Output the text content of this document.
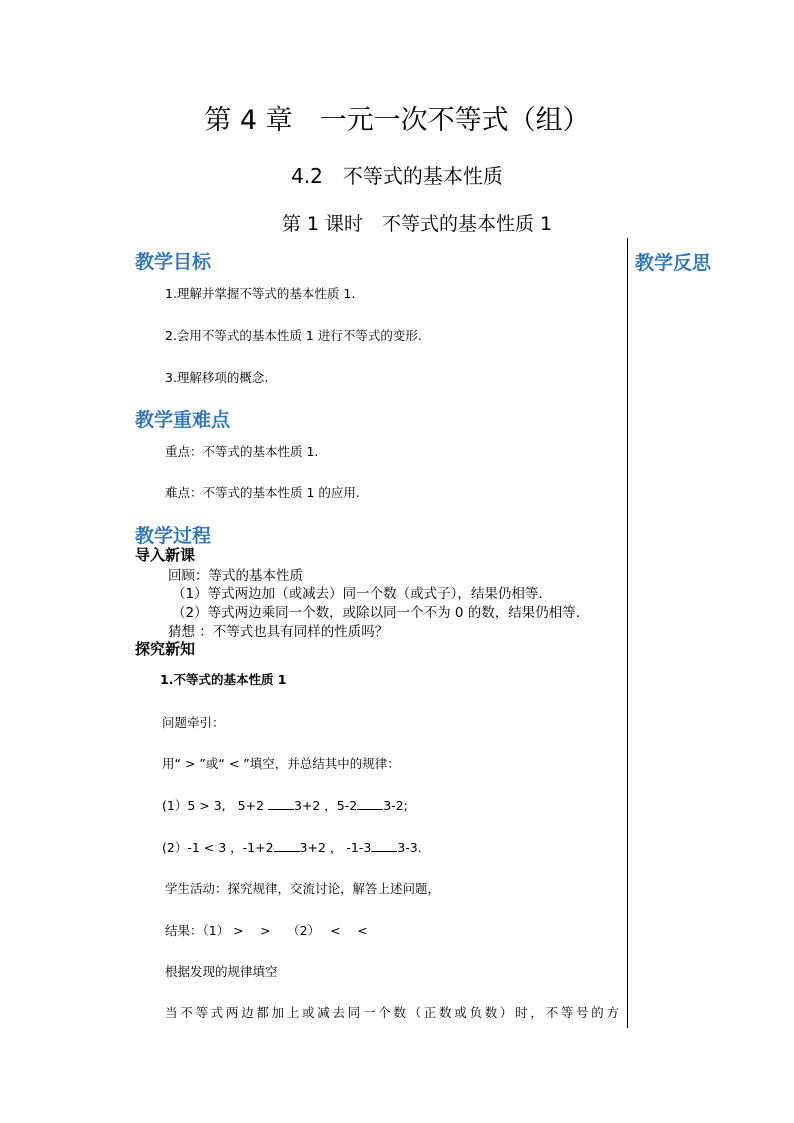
第 4 章　一元一次不等式（组）
4.2　不等式的基本性质
第 1 课时　不等式的基本性质 1
教学反思
教学目标
1.理解并掌握不等式的基本性质 1.
2.会用不等式的基本性质 1 进行不等式的变形.
3.理解移项的概念.
教学重难点
重点：不等式的基本性质 1.
难点：不等式的基本性质 1 的应用.
教学过程
导入新课
回顾：等式的基本性质
（1）等式两边加（或减去）同一个数（或式子），结果仍相等.
（2）等式两边乘同一个数，或除以同一个不为 0 的数，结果仍相等.
猜想 ：不等式也具有同样的性质吗？
探究新知
1.不等式的基本性质 1
问题牵引：
用“ > ”或“ < ”填空，并总结其中的规律：
(1）5 > 3, 5+2 3+2 ，5-2 3-2;
(2）-1 < 3 ，-1+2 3+2 ， -1-3 3-3.
学生活动：探究规律，交流讨论，解答上述问题，
结果：（1） >　 >　 （2）　 <　 <
根据发现的规律填空
当不等式两边都加上或减去同一个数（正数或负数）时，不等号的方
